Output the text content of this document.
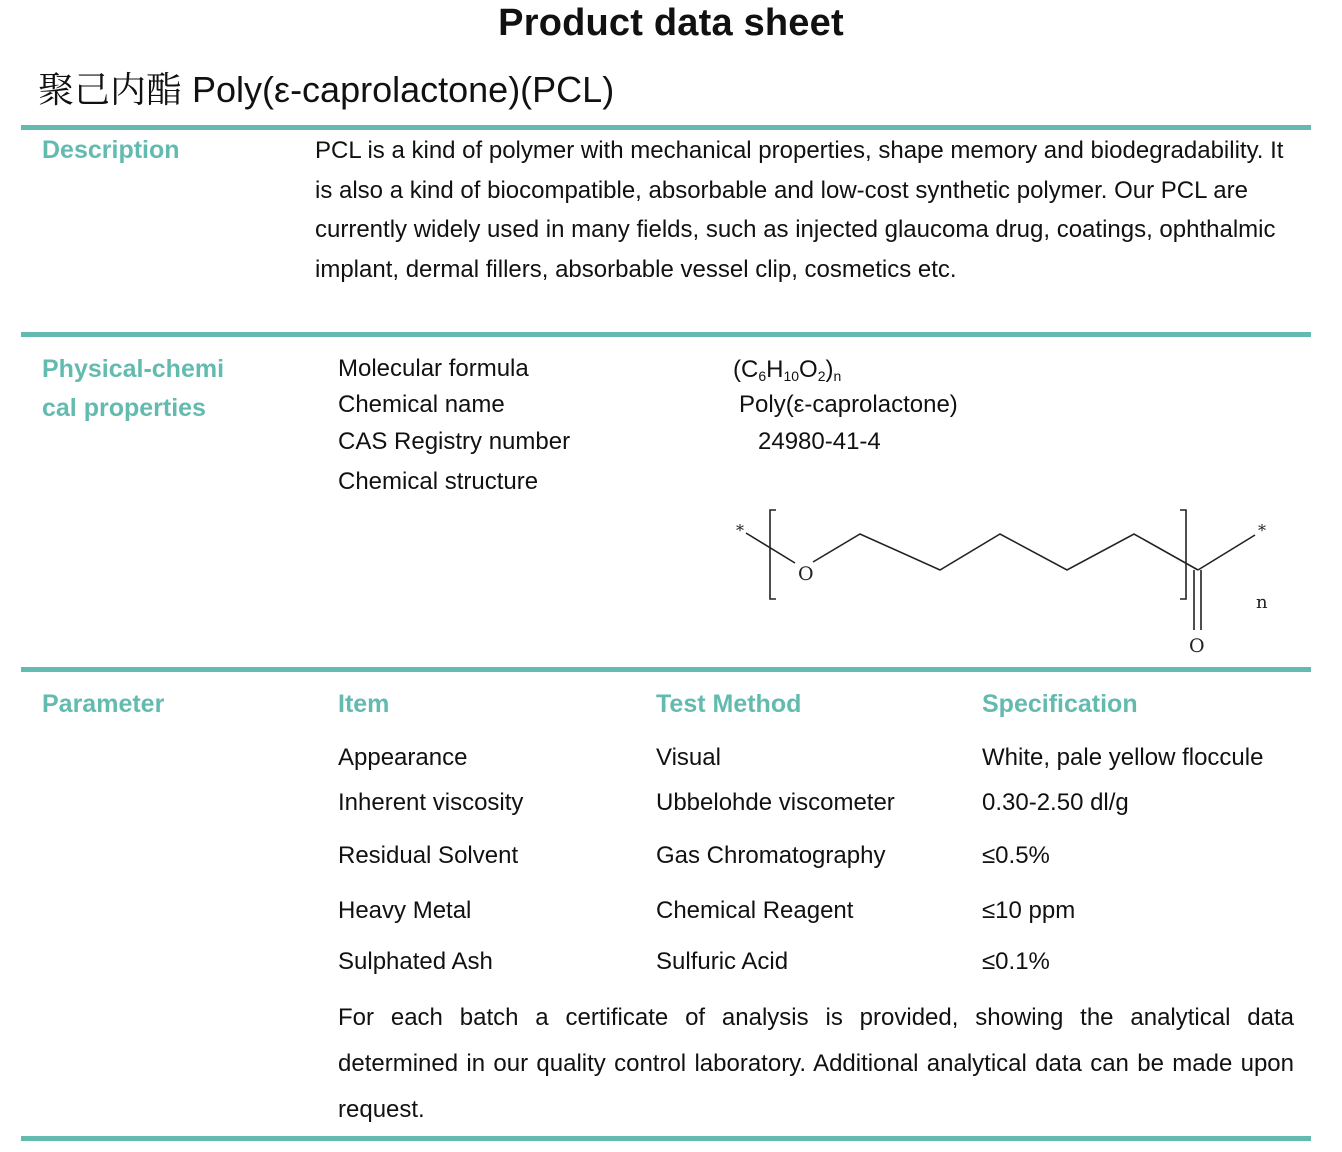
Product data sheet
聚己内酯 Poly(ε-caprolactone)(PCL)
Description	PCL is a kind of polymer with mechanical properties, shape memory and biodegradability. It is also a kind of biocompatible, absorbable and low-cost synthetic polymer. Our PCL are currently widely used in many fields, such as injected glaucoma drug, coatings, ophthalmic implant, dermal fillers, absorbable vessel clip, cosmetics etc.
Physical-chemi
cal properties
Molecular formula	$(C_6H_{10}O_2)_n$
Chemical name	Poly(ε-caprolactone)
CAS Registry number	24980-41-4
Chemical structure
*
O
*
O
n
Parameter	Item	Test Method	Specification
Appearance	Visual	White, pale yellow floccule
Inherent viscosity	Ubbelohde viscometer	0.30-2.50 dl/g
Residual Solvent	Gas Chromatography	≤0.5%
Heavy Metal	Chemical Reagent	≤10 ppm
Sulphated Ash	Sulfuric Acid	≤0.1%
For each batch a certificate of analysis is provided, showing the analytical data determined in our quality control laboratory. Additional analytical data can be made upon request.
